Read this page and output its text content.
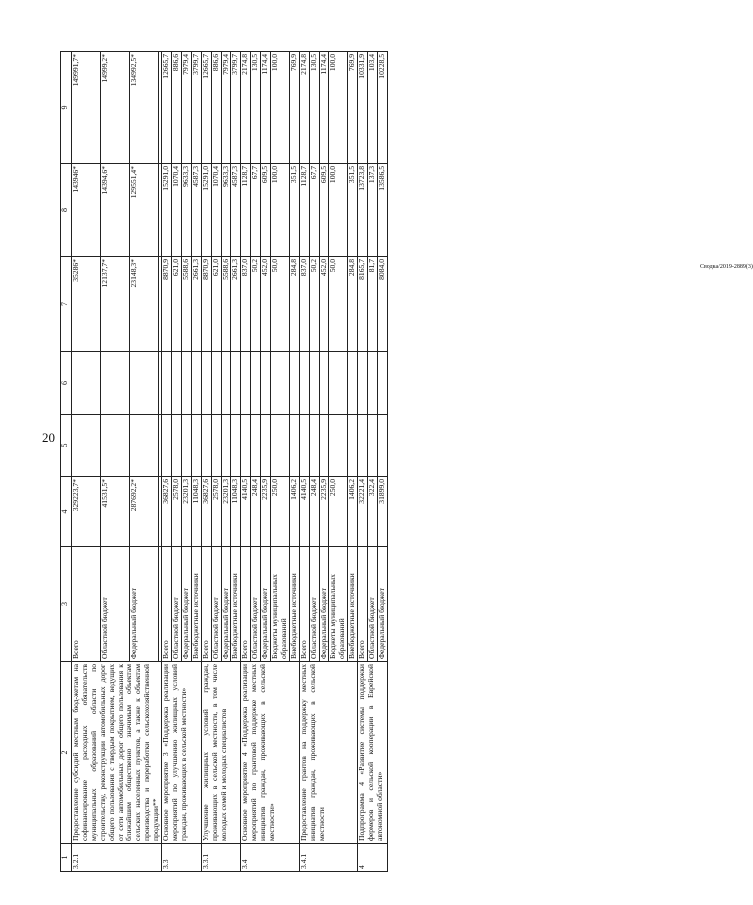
20
1	2	3	4	5	6	7	8	9
3.2.1	Предоставление субсидий местным бюд-жетам на софинансирование расходных обязательств муниципальных образований области по строительству, реконструкции автомобильных дорог общего пользования с твердым покрытием, ведущих от сети автомобильных дорог общего пользования к ближайшим общественно значимым объектам сельских населенных пунктов, а также к объектам производства и переработки сельскохозяйственной продукции**	Всего	329223,7*			35286*	143946*	149991,7*
		Областной бюджет	41531,5*			12137,7*	14394,6*	14999,2*
		Федеральный бюджет	287692,2*			23148,3*	129551,4*	134992,5*

3.3	Основное мероприятие 3 «Поддержка реализации мероприятий по улучшению жилищных условий граждан, проживающих в сельской местности»	Всего	36827,6			8870,9	15291,0	12665,7
		Областной бюджет	2578,0			621,0	1070,4	886,6
		Федеральный бюджет	23201,3			5588,6	9633,3	7979,4
		Внебюджетные источники	11048,3			2661,3	4587,3	3799,7
3.3.1	Улучшение жилищных условий граждан, проживающих в сельской местности, в том числе молодых семей и молодых специалистов	Всего	36827,6			8870,9	15291,0	12665,7
		Областной бюджет	2578,0			621,0	1070,4	886,6
		Федеральный бюджет	23201,3			5588,6	9633,3	7979,4
		Внебюджетные источники	11048,3			2661,3	4587,3	3799,7
3.4	Основное мероприятие 4 «Поддержка реализации мероприятий по грантовой поддержке местных инициатив граждан, проживающих в сельской местности»	Всего	4140,5			837,0	1128,7	2174,8
		Областной бюджет	248,4			50,2	67,7	130,5
		Федеральный бюджет	2235,9			452,0	609,5	1174,4
		Бюджеты муниципальных образований	250,0			50,0	100,0	100,0
		Внебюджетные источники	1406,2			284,8	351,5	769,9
3.4.1	Предоставление грантов на поддержку местных инициатив граждан, проживающих в сельской местности	Всего	4140,5			837,0	1128,7	2174,8
		Областной бюджет	248,4			50,2	67,7	130,5
		Федеральный бюджет	2235,9			452,0	609,5	1174,4
		Бюджеты муниципальных образований	250,0			50,0	100,0	100,0
		Внебюджетные источники	1406,2			284,8	351,5	769,9
4	Подпрограмма 4 «Развитие системы поддержки фермеров и сельской кооперации в Еврейской автономной области»	Всего	32221,4			8165,7	13723,8	10331,9
		Областной бюджет	322,4			81,7	137,3	103,4
		Федеральный бюджет	31899,0			8084,0	13586,5	10228,5
Сводка/2019-2889(3)
